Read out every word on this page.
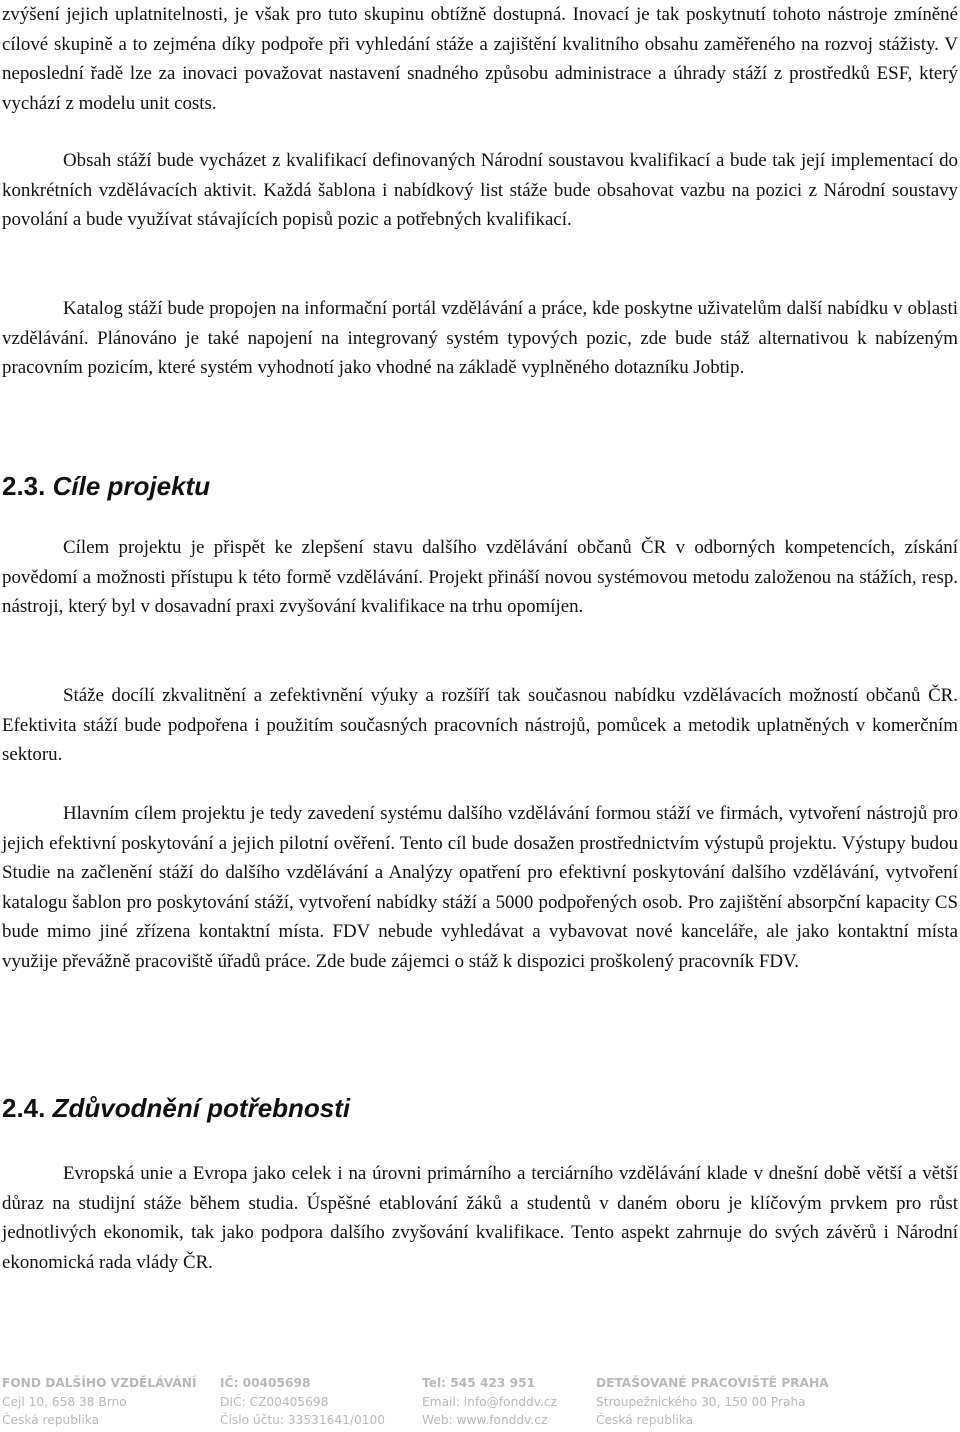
zvýšení jejich uplatnitelnosti, je však pro tuto skupinu obtížně dostupná. Inovací je tak poskytnutí tohoto nástroje zmíněné cílové skupině a to zejména díky podpoře při vyhledání stáže a zajištění kvalitního obsahu zaměřeného na rozvoj stážisty. V neposlední řadě lze za inovaci považovat nastavení snadného způsobu administrace a úhrady stáží z prostředků ESF, který vychází z modelu unit costs.

Obsah stáží bude vycházet z kvalifikací definovaných Národní soustavou kvalifikací a bude tak její implementací do konkrétních vzdělávacích aktivit. Každá šablona i nabídkový list stáže bude obsahovat vazbu na pozici z Národní soustavy povolání a bude využívat stávajících popisů pozic a potřebných kvalifikací.

Katalog stáží bude propojen na informační portál vzdělávání a práce, kde poskytne uživatelům další nabídku v oblasti vzdělávání. Plánováno je také napojení na integrovaný systém typových pozic, zde bude stáž alternativou k nabízeným pracovním pozicím, které systém vyhodnotí jako vhodné na základě vyplněného dotazníku Jobtip.

2.3. Cíle projektu

Cílem projektu je přispět ke zlepšení stavu dalšího vzdělávání občanů ČR v odborných kompetencích, získání povědomí a možnosti přístupu k této formě vzdělávání. Projekt přináší novou systémovou metodu založenou na stážích, resp. nástroji, který byl v dosavadní praxi zvyšování kvalifikace na trhu opomíjen.

Stáže docílí zkvalitnění a zefektivnění výuky a rozšíří tak současnou nabídku vzdělávacích možností občanů ČR. Efektivita stáží bude podpořena i použitím současných pracovních nástrojů, pomůcek a metodik uplatněných v komerčním sektoru.

Hlavním cílem projektu je tedy zavedení systému dalšího vzdělávání formou stáží ve firmách, vytvoření nástrojů pro jejich efektivní poskytování a jejich pilotní ověření. Tento cíl bude dosažen prostřednictvím výstupů projektu. Výstupy budou Studie na začlenění stáží do dalšího vzdělávání a Analýzy opatření pro efektivní poskytování dalšího vzdělávání, vytvoření katalogu šablon pro poskytování stáží, vytvoření nabídky stáží a 5000 podpořených osob. Pro zajištění absorpční kapacity CS bude mimo jiné zřízena kontaktní místa. FDV nebude vyhledávat a vybavovat nové kanceláře, ale jako kontaktní místa využije převážně pracoviště úřadů práce. Zde bude zájemci o stáž k dispozici proškolený pracovník FDV.

2.4. Zdůvodnění potřebnosti

Evropská unie a Evropa jako celek i na úrovni primárního a terciárního vzdělávání klade v dnešní době větší a větší důraz na studijní stáže během studia. Úspěšné etablování žáků a studentů v daném oboru je klíčovým prvkem pro růst jednotlivých ekonomik, tak jako podpora dalšího zvyšování kvalifikace. Tento aspekt zahrnuje do svých závěrů i Národní ekonomická rada vlády ČR.

FOND DALŠÍHO VZDĚLÁVÁNÍ
Cejl 10, 658 38 Brno
Česká republika
IČ: 00405698
DIČ: CZ00405698
Číslo účtu: 33531641/0100
Tel: 545 423 951
Email: info@fonddv.cz
Web: www.fonddv.cz
DETAŠOVANÉ PRACOVIŠTĚ PRAHA
Stroupežnického 30, 150 00 Praha
Česká republika
